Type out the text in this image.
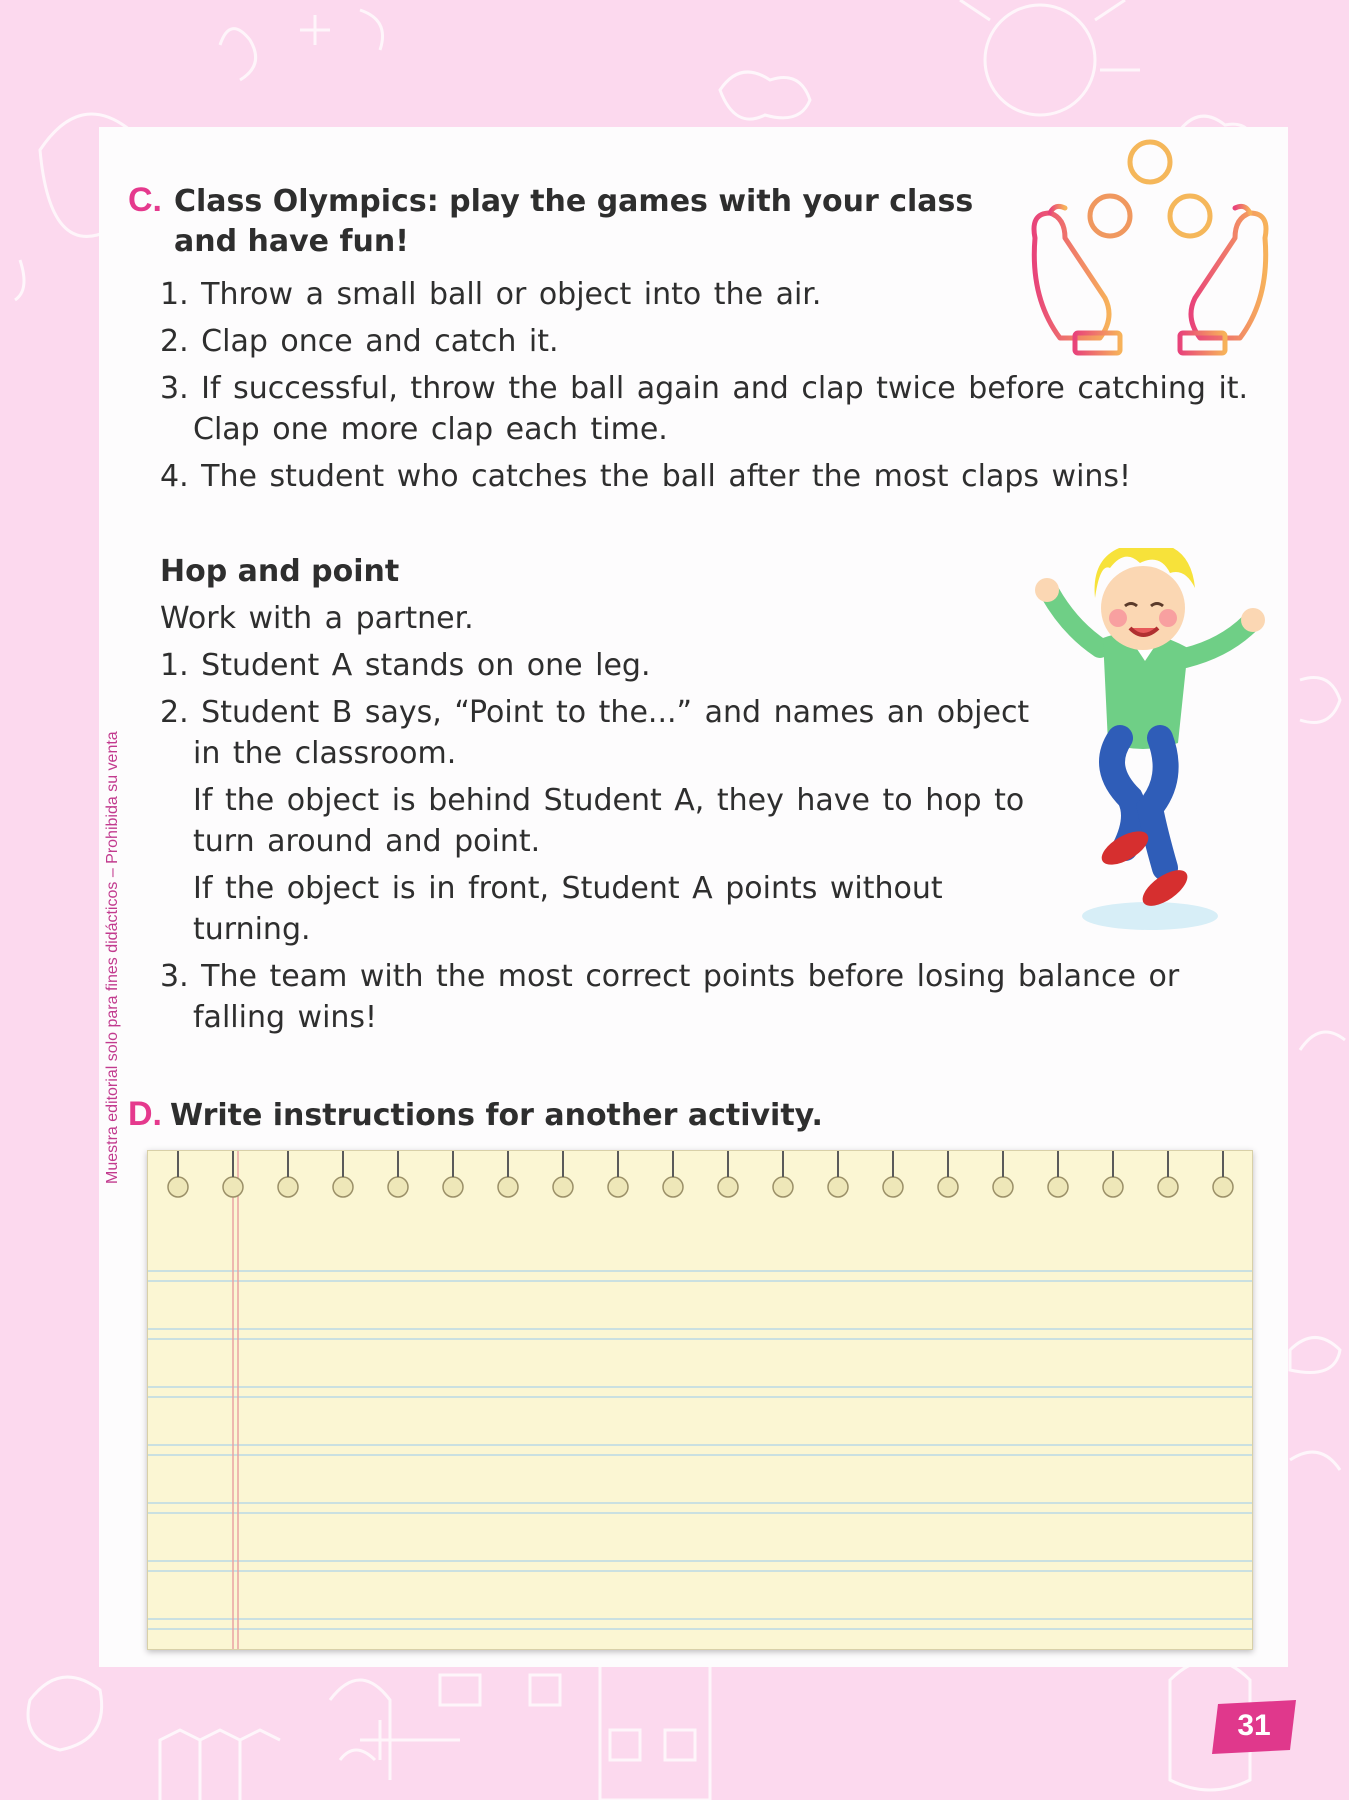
Muestra editorial solo para fines didácticos – Prohibida su venta
C. Class Olympics: play the games with your class
and have fun!
1. Throw a small ball or object into the air.
2. Clap once and catch it.
3. If successful, throw the ball again and clap twice before catching it.
Clap one more clap each time.
4. The student who catches the ball after the most claps wins!
Hop and point
Work with a partner.
1. Student A stands on one leg.
2. Student B says, “Point to the...” and names an object
in the classroom.
If the object is behind Student A, they have to hop to
turn around and point.
If the object is in front, Student A points without
turning.
3. The team with the most correct points before losing balance or
falling wins!
D. Write instructions for another activity.
31
